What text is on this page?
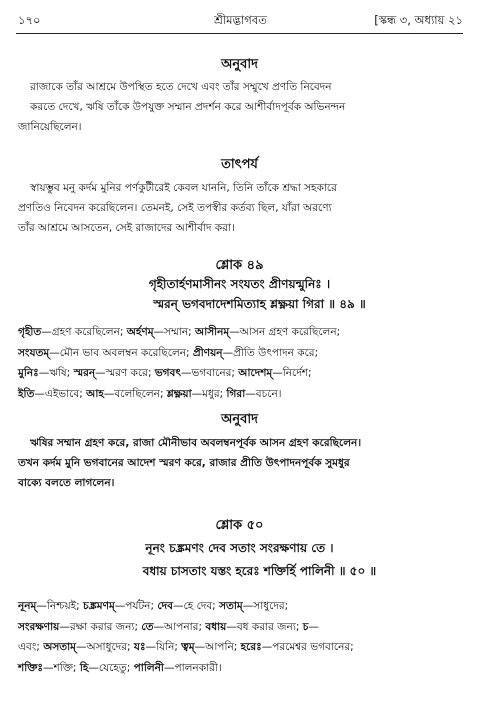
১৭০	শ্রীমদ্ভাগবত	[স্কন্ধ ৩, অধ্যায় ২১
অনুবাদ
রাজাকে তাঁর আশ্রমে উপস্থিত হতে দেখে এবং তাঁর সম্মুখে প্রণতি নিবেদন
করতে দেখে, ঋষি তাঁকে উপযুক্ত সম্মান প্রদর্শন করে আশীর্বাদপূর্বক অভিনন্দন
জানিয়েছিলেন।
তাৎপর্য
স্বায়ম্ভুব মনু কর্দম মুনির পর্ণকুটীরেই কেবল যাননি, তিনি তাঁকে শ্রদ্ধা সহকারে
প্রণতিও নিবেদন করেছিলেন। তেমনই, সেই তপস্বীর কর্তব্য ছিল, যাঁরা অরণ্যে
তাঁর আশ্রমে আসতেন, সেই রাজাদের আশীর্বাদ করা।
শ্লোক ৪৯
গৃহীতার্হণমাসীনং সংযতং প্রীণয়ন্মুনিঃ ।
স্মরন্ ভগবদাদেশমিত্যাহ শ্লক্ষ্ণয়া গিরা ॥ ৪৯ ॥
গৃহীত—গ্রহণ করেছিলেন; অর্হণম্—সম্মান; আসীনম্—আসন গ্রহণ করেছিলেন;
সংযতম্—মৌন ভাব অবলম্বন করেছিলেন; প্রীণয়ন্—প্রীতি উৎপাদন করে;
মুনিঃ—ঋষি; স্মরন্—স্মরণ করে; ভগবৎ—ভগবানের; আদেশম্—নির্দেশ;
ইতি—এইভাবে; আহ—বলেছিলেন; শ্লক্ষ্ণয়া—মধুর; গিরা—বচনে।
অনুবাদ
ঋষির সম্মান গ্রহণ করে, রাজা মৌনীভাব অবলম্বনপূর্বক আসন গ্রহণ করেছিলেন।
তখন কর্দম মুনি ভগবানের আদেশ স্মরণ করে, রাজার প্রীতি উৎপাদনপূর্বক সুমধুর
বাক্যে বলতে লাগলেন।
শ্লোক ৫০
নূনং চঙ্ক্রমণং দেব সতাং সংরক্ষণায় তে ।
বধায় চাসতাং যস্তং হরেঃ শক্তির্হি পালিনী ॥ ৫০ ॥
নূনম্—নিশ্চয়ই; চঙ্ক্রমণম্—পর্যটন; দেব—হে দেব; সতাম্—সাধুদের;
সংরক্ষণায়—রক্ষা করার জন্য; তে—আপনার; বধায়—বধ করার জন্য; চ—
এবং; অসতাম্—অসাধুদের; যঃ—যিনি; ত্বম্—আপনি; হরেঃ—পরমেশ্বর ভগবানের;
শক্তিঃ—শক্তি; হি—যেহেতু; পালিনী—পালনকারী।
